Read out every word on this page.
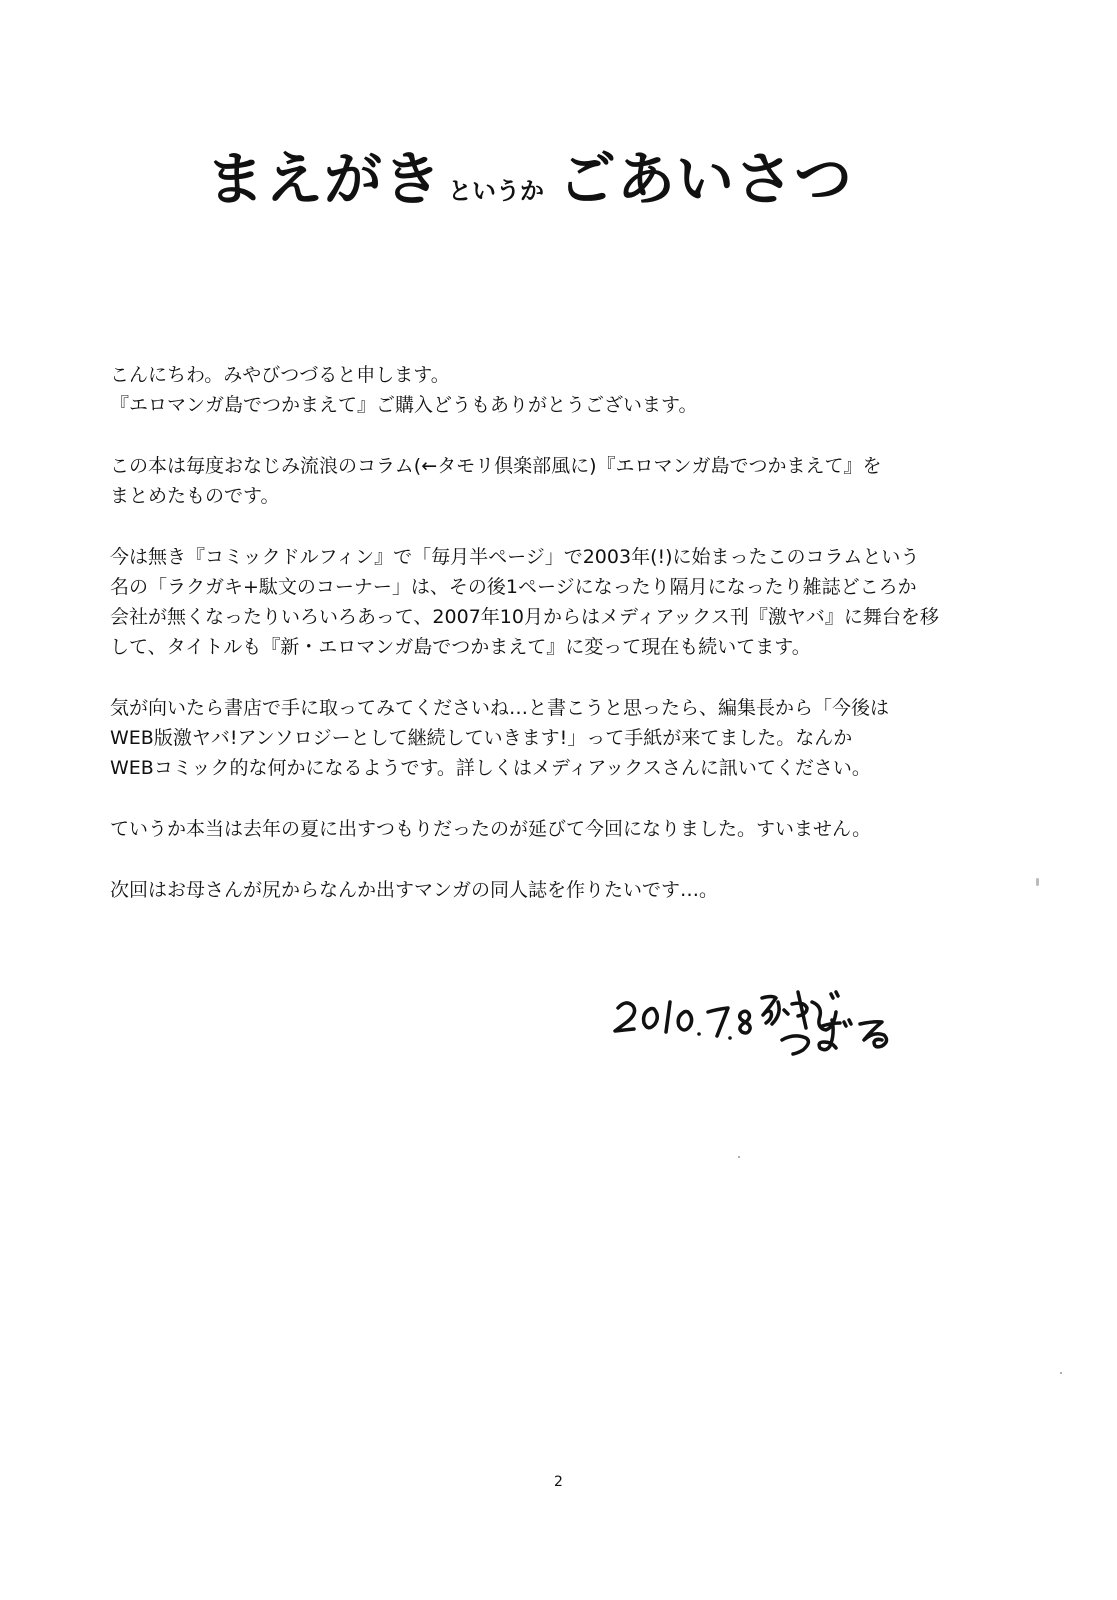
まえがき というか ごあいさつ

こんにちわ。みやびつづると申します。
『エロマンガ島でつかまえて』ご購入どうもありがとうございます。

この本は毎度おなじみ流浪のコラム(←タモリ倶楽部風に)『エロマンガ島でつかまえて』を
まとめたものです。

今は無き『コミックドルフィン』で「毎月半ページ」で2003年(!)に始まったこのコラムという
名の「ラクガキ+駄文のコーナー」は、その後1ページになったり隔月になったり雑誌どころか
会社が無くなったりいろいろあって、2007年10月からはメディアックス刊『激ヤバ』に舞台を移
して、タイトルも『新・エロマンガ島でつかまえて』に変って現在も続いてます。

気が向いたら書店で手に取ってみてくださいね…と書こうと思ったら、編集長から「今後は
WEB版激ヤバ!アンソロジーとして継続していきます!」って手紙が来てました。なんか
WEBコミック的な何かになるようです。詳しくはメディアックスさんに訊いてください。

ていうか本当は去年の夏に出すつもりだったのが延びて今回になりました。すいません。

次回はお母さんが尻からなんか出すマンガの同人誌を作りたいです…。

2010.7.8 みやびつづる
2
